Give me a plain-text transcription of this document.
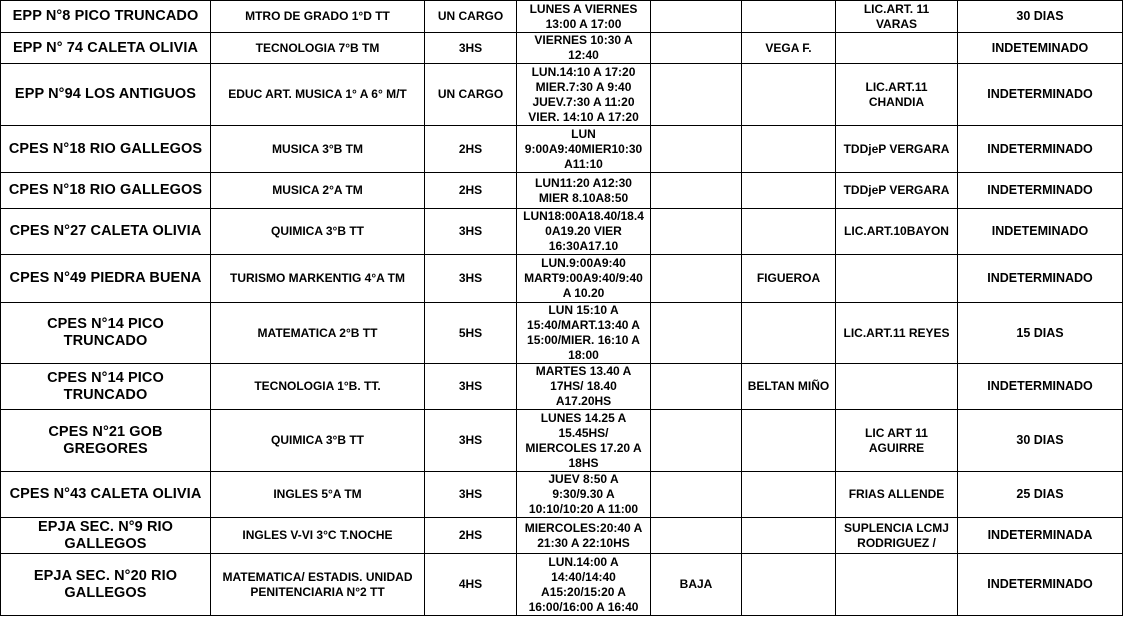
EPP N°8 PICO TRUNCADO	MTRO DE GRADO 1°D TT	UN CARGO	LUNES A VIERNES
13:00 A 17:00			LIC.ART. 11
VARAS	30 DIAS
EPP N° 74 CALETA OLIVIA	TECNOLOGIA 7°B TM	3HS	VIERNES 10:30 A
12:40		VEGA F.		INDETEMINADO
EPP N°94 LOS ANTIGUOS	EDUC ART. MUSICA 1° A 6° M/T	UN CARGO	LUN.14:10 A 17:20
MIER.7:30 A 9:40
JUEV.7:30 A 11:20
VIER. 14:10 A 17:20			LIC.ART.11
CHANDIA	INDETERMINADO
CPES N°18 RIO GALLEGOS	MUSICA 3°B TM	2HS	LUN
9:00A9:40MIER10:30
A11:10			TDDjeP VERGARA	INDETERMINADO
CPES N°18 RIO GALLEGOS	MUSICA 2°A TM	2HS	LUN11:20 A12:30
MIER 8.10A8:50			TDDjeP VERGARA	INDETERMINADO
CPES N°27 CALETA OLIVIA	QUIMICA 3°B TT	3HS	LUN18:00A18.40/18.4
0A19.20 VIER
16:30A17.10			LIC.ART.10BAYON	INDETEMINADO
CPES N°49 PIEDRA BUENA	TURISMO MARKENTIG 4°A TM	3HS	LUN.9:00A9:40
MART9:00A9:40/9:40
A 10.20		FIGUEROA		INDETERMINADO
CPES N°14 PICO
TRUNCADO	MATEMATICA 2°B TT	5HS	LUN 15:10 A
15:40/MART.13:40 A
15:00/MIER. 16:10 A
18:00			LIC.ART.11 REYES	15 DIAS
CPES N°14 PICO
TRUNCADO	TECNOLOGIA 1°B. TT.	3HS	MARTES 13.40 A
17HS/ 18.40
A17.20HS		BELTAN MIÑO		INDETERMINADO
CPES N°21 GOB
GREGORES	QUIMICA 3°B TT	3HS	LUNES 14.25 A
15.45HS/
MIERCOLES 17.20 A
18HS			LIC ART 11
AGUIRRE	30 DIAS
CPES N°43 CALETA OLIVIA	INGLES 5°A TM	3HS	JUEV 8:50 A
9:30/9.30 A
10:10/10:20 A 11:00			FRIAS ALLENDE	25 DIAS
EPJA SEC. N°9 RIO
GALLEGOS	INGLES V-VI 3°C T.NOCHE	2HS	MIERCOLES:20:40 A
21:30 A 22:10HS			SUPLENCIA LCMJ
RODRIGUEZ /	INDETERMINADA
EPJA SEC. N°20 RIO
GALLEGOS	MATEMATICA/ ESTADIS. UNIDAD
PENITENCIARIA N°2 TT	4HS	LUN.14:00 A
14:40/14:40
A15:20/15:20 A
16:00/16:00 A 16:40	BAJA			INDETERMINADO
